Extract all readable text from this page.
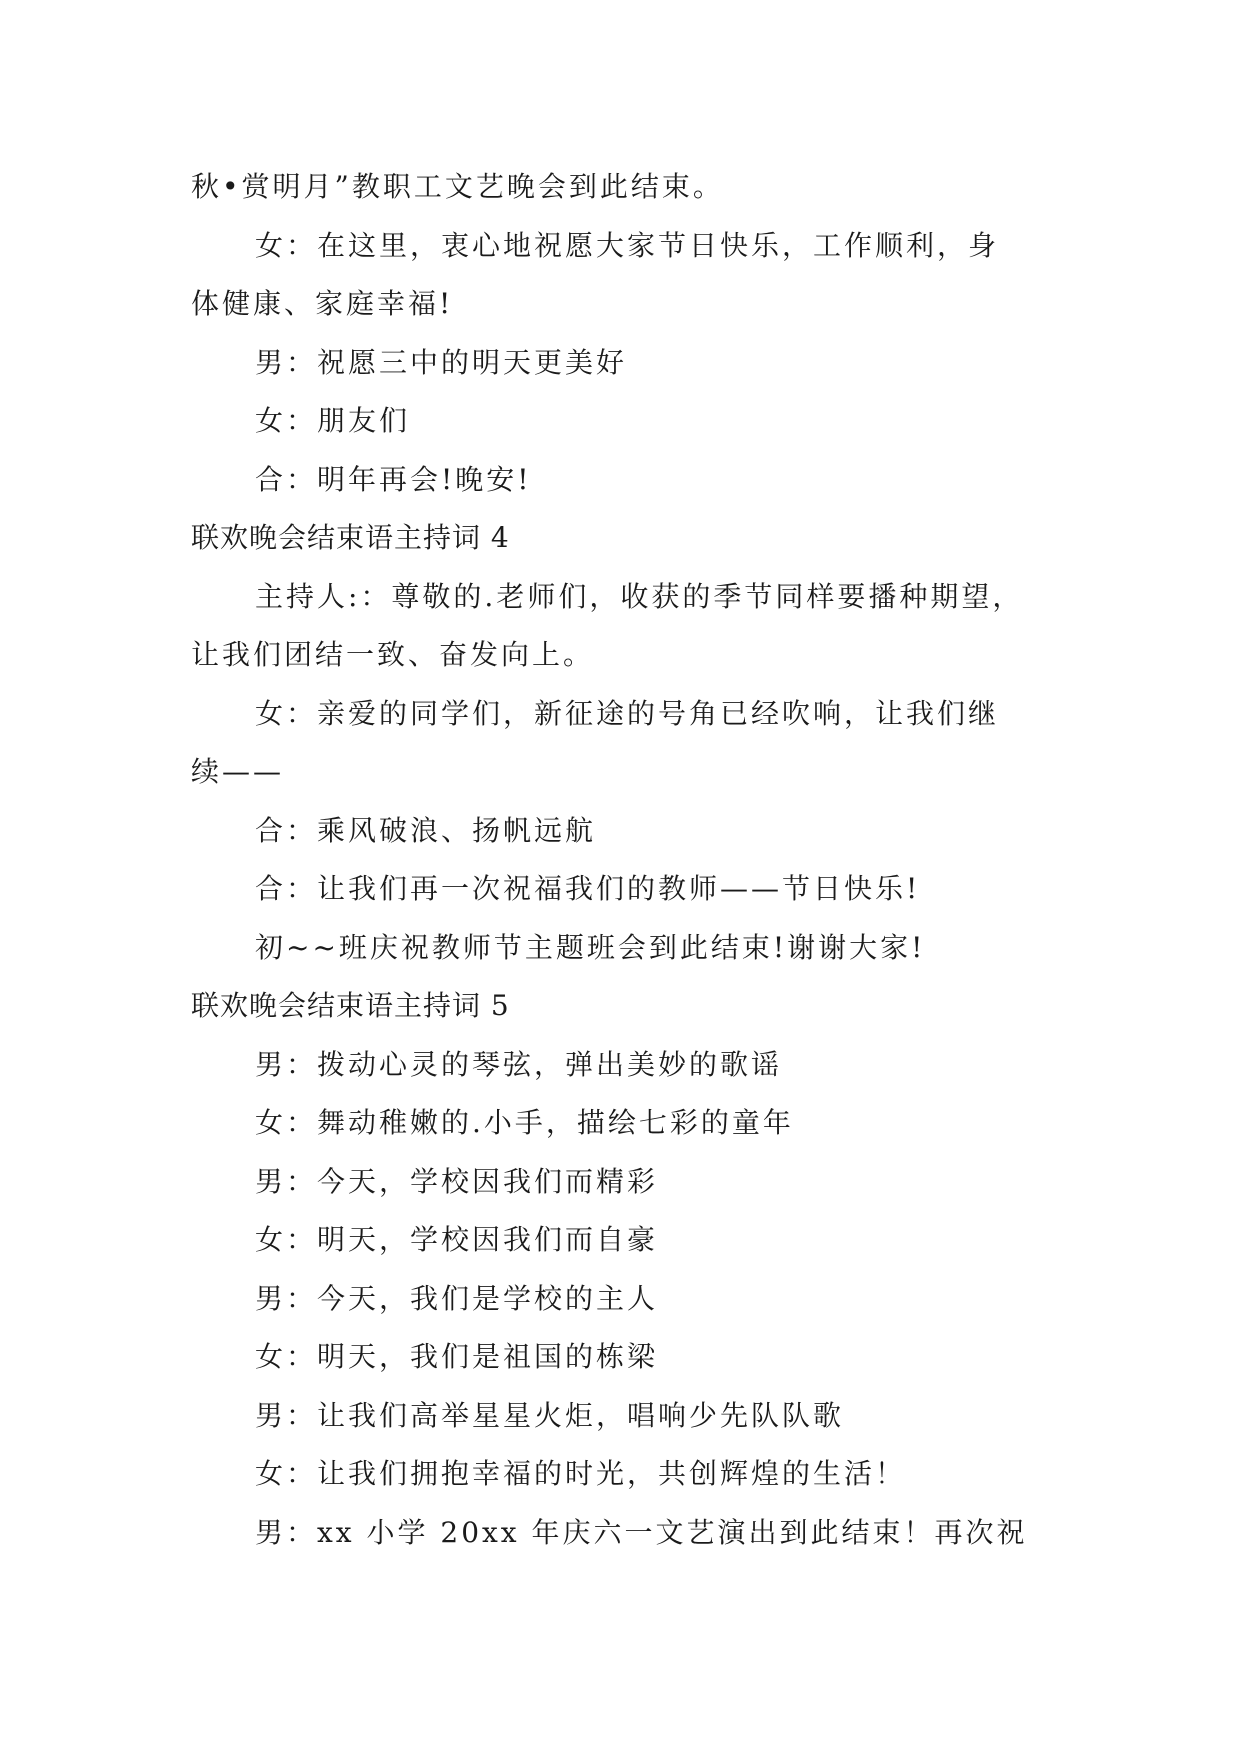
秋•赏明月”教职工文艺晚会到此结束。
女：在这里，衷心地祝愿大家节日快乐，工作顺利，身
体健康、家庭幸福!
男：祝愿三中的明天更美好
女：朋友们
合：明年再会!晚安!
联欢晚会结束语主持词 4
主持人:：尊敬的.老师们，收获的季节同样要播种期望，
让我们团结一致、奋发向上。
女：亲爱的同学们，新征途的号角已经吹响，让我们继
续——
合：乘风破浪、扬帆远航
合：让我们再一次祝福我们的教师——节日快乐!
初~~班庆祝教师节主题班会到此结束!谢谢大家!
联欢晚会结束语主持词 5
男：拨动心灵的琴弦，弹出美妙的歌谣
女：舞动稚嫩的.小手，描绘七彩的童年
男：今天，学校因我们而精彩
女：明天，学校因我们而自豪
男：今天，我们是学校的主人
女：明天，我们是祖国的栋梁
男：让我们高举星星火炬，唱响少先队队歌
女：让我们拥抱幸福的时光，共创辉煌的生活！
男：xx 小学 20xx 年庆六一文艺演出到此结束！再次祝
